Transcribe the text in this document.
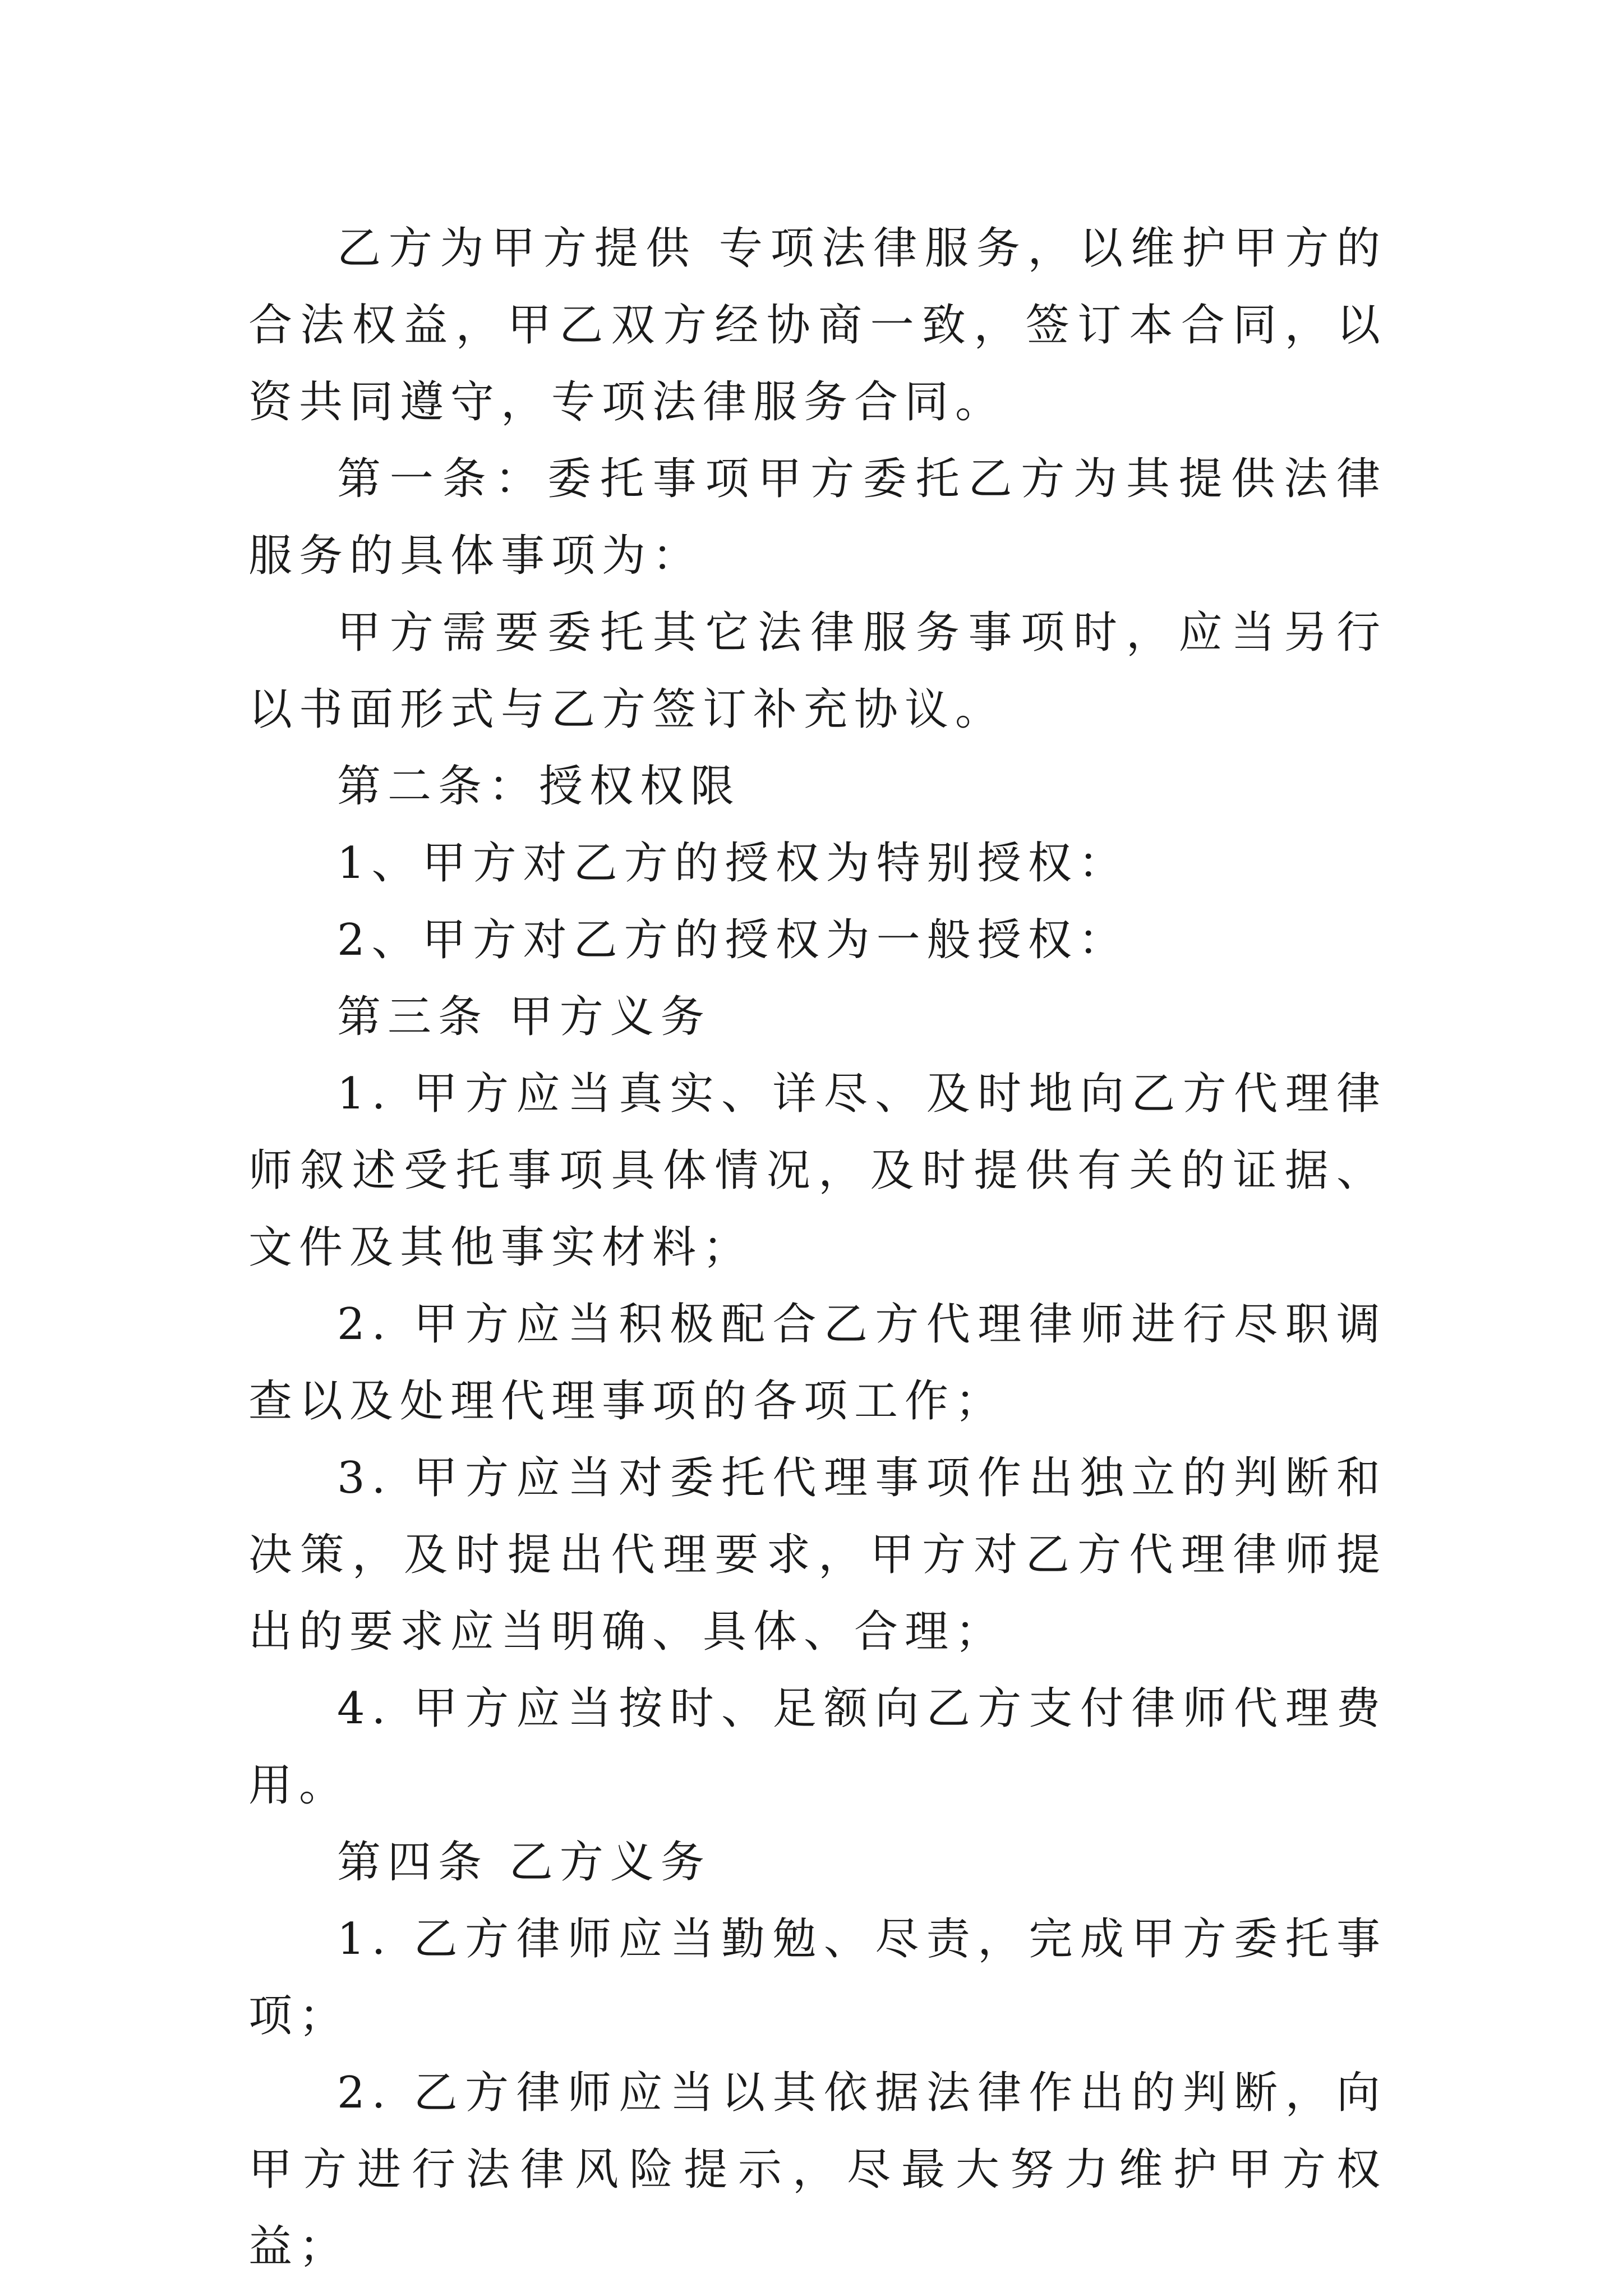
乙方为甲方提供 专项法律服务，以维护甲方的合法权益，甲乙双方经协商一致，签订本合同，以资共同遵守，专项法律服务合同。

第一条：委托事项甲方委托乙方为其提供法律服务的具体事项为：

甲方需要委托其它法律服务事项时，应当另行以书面形式与乙方签订补充协议。

第二条：授权权限

1、甲方对乙方的授权为特别授权：

2、甲方对乙方的授权为一般授权：

第三条 甲方义务

1. 甲方应当真实、详尽、及时地向乙方代理律师叙述受托事项具体情况，及时提供有关的证据、文件及其他事实材料；

2. 甲方应当积极配合乙方代理律师进行尽职调查以及处理代理事项的各项工作；

3. 甲方应当对委托代理事项作出独立的判断和决策，及时提出代理要求，甲方对乙方代理律师提出的要求应当明确、具体、合理；

4. 甲方应当按时、足额向乙方支付律师代理费用。

第四条 乙方义务

1. 乙方律师应当勤勉、尽责，完成甲方委托事项；

2. 乙方律师应当以其依据法律作出的判断，向甲方进行法律风险提示，尽最大努力维护甲方权益；
